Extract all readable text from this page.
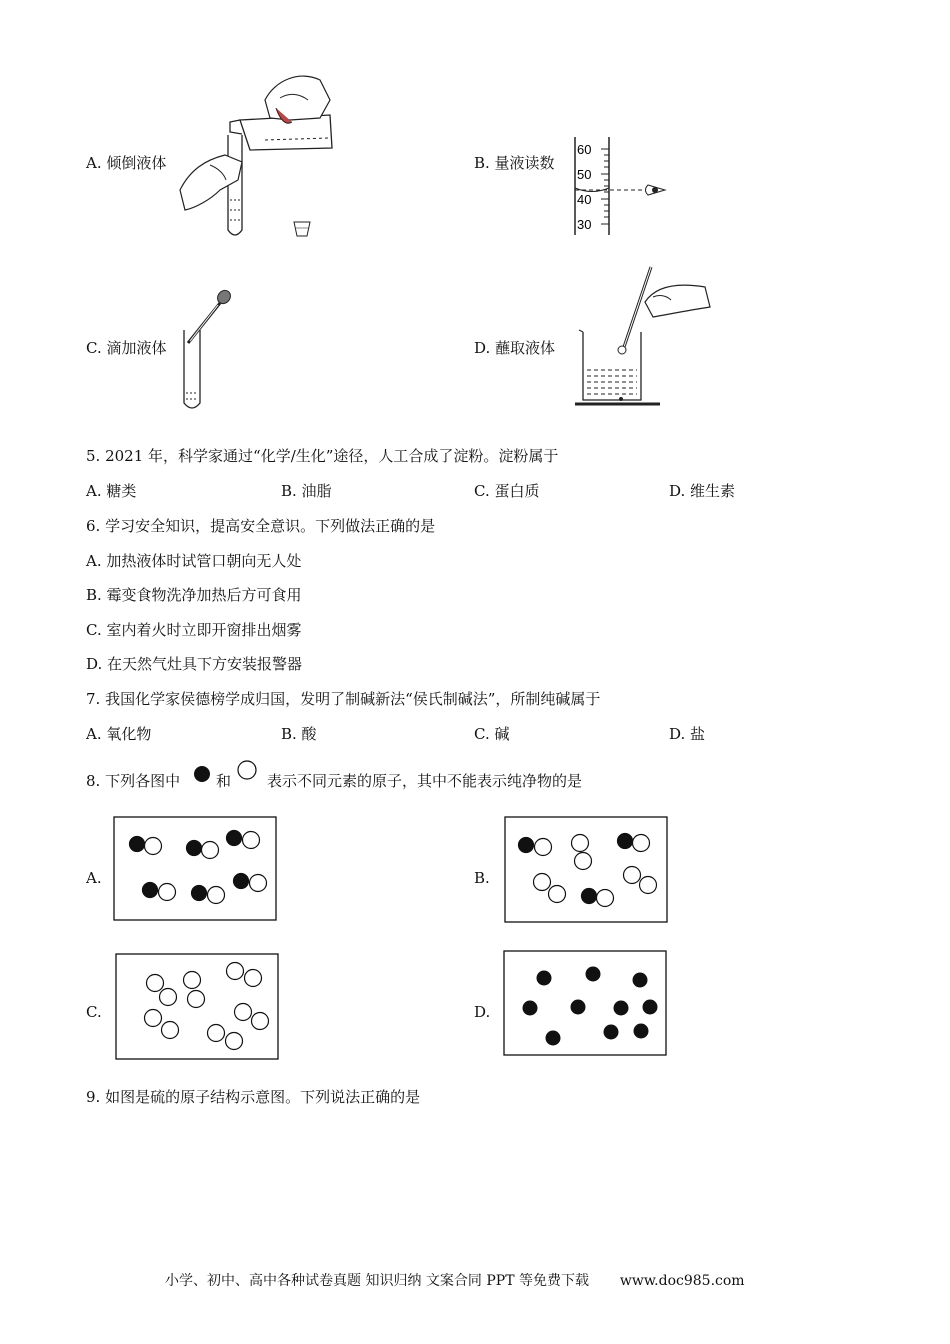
A. 倾倒液体	B. 量液读数
C. 滴加液体	D. 蘸取液体
60
50
40
30
5. 2021 年，科学家通过“化学/生化”途径，人工合成了淀粉。淀粉属于
A. 糖类	B. 油脂	C. 蛋白质	D. 维生素
6. 学习安全知识，提高安全意识。下列做法正确的是
A. 加热液体时试管口朝向无人处
B. 霉变食物洗净加热后方可食用
C. 室内着火时立即开窗排出烟雾
D. 在天然气灶具下方安装报警器
7. 我国化学家侯德榜学成归国，发明了制碱新法“侯氏制碱法”，所制纯碱属于
A. 氧化物	B. 酸	C. 碱	D. 盐
8. 下列各图中 和 表示不同元素的原子，其中不能表示纯净物的是
A.	B.
C.	D.
9. 如图是硫的原子结构示意图。下列说法正确的是
小学、初中、高中各种试卷真题 知识归纳 文案合同 PPT 等免费下载 www.doc985.com
